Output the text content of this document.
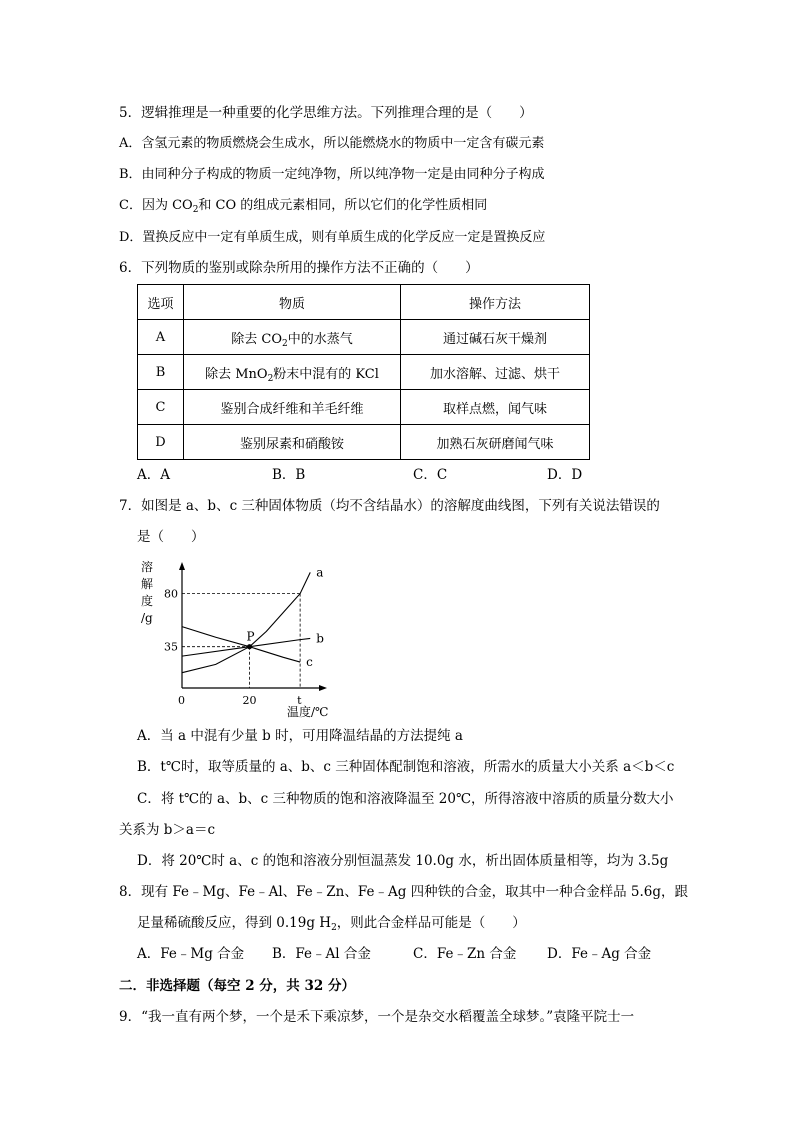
5．逻辑推理是一种重要的化学思维方法。下列推理合理的是（　　）
A．含氢元素的物质燃烧会生成水，所以能燃烧水的物质中一定含有碳元素
B．由同种分子构成的物质一定纯净物，所以纯净物一定是由同种分子构成
C．因为 $CO_2$和 CO 的组成元素相同，所以它们的化学性质相同
D．置换反应中一定有单质生成，则有单质生成的化学反应一定是置换反应
6．下列物质的鉴别或除杂所用的操作方法不正确的（　　）
选项	物质	操作方法
A	除去 $CO_2$中的水蒸气	通过碱石灰干燥剂
B	除去 MnO$_2$粉末中混有的 KCl	加水溶解、过滤、烘干
C	鉴别合成纤维和羊毛纤维	取样点燃，闻气味
D	鉴别尿素和硝酸铵	加熟石灰研磨闻气味
A．A	B．B	C．C	D．D
7．如图是 a、b、c 三种固体物质（均不含结晶水）的溶解度曲线图，下列有关说法错误的
是（　　）
a
b
c
P
80
35
0	20	t
溶
解
度
/g
温度/℃
A．当 a 中混有少量 b 时，可用降温结晶的方法提纯 a
B．t℃时，取等质量的 a、b、c 三种固体配制饱和溶液，所需水的质量大小关系 a＜b＜c
C．将 t℃的 a、b、c 三种物质的饱和溶液降温至 20℃，所得溶液中溶质的质量分数大小
关系为 b＞a＝c
D．将 20℃时 a、c 的饱和溶液分别恒温蒸发 10.0g 水，析出固体质量相等，均为 3.5g
8．现有 Fe﹣Mg、Fe﹣Al、Fe﹣Zn、Fe﹣Ag 四种铁的合金，取其中一种合金样品 5.6g，跟
足量稀硫酸反应，得到 0.19g $H_2$，则此合金样品可能是（　　）
A．Fe﹣Mg 合金 B．Fe﹣Al 合金	C．Fe﹣Zn 合金 D．Fe﹣Ag 合金
二．非选择题（每空 2 分，共 32 分）
9．“我一直有两个梦，一个是禾下乘凉梦，一个是杂交水稻覆盖全球梦。”袁隆平院士一
